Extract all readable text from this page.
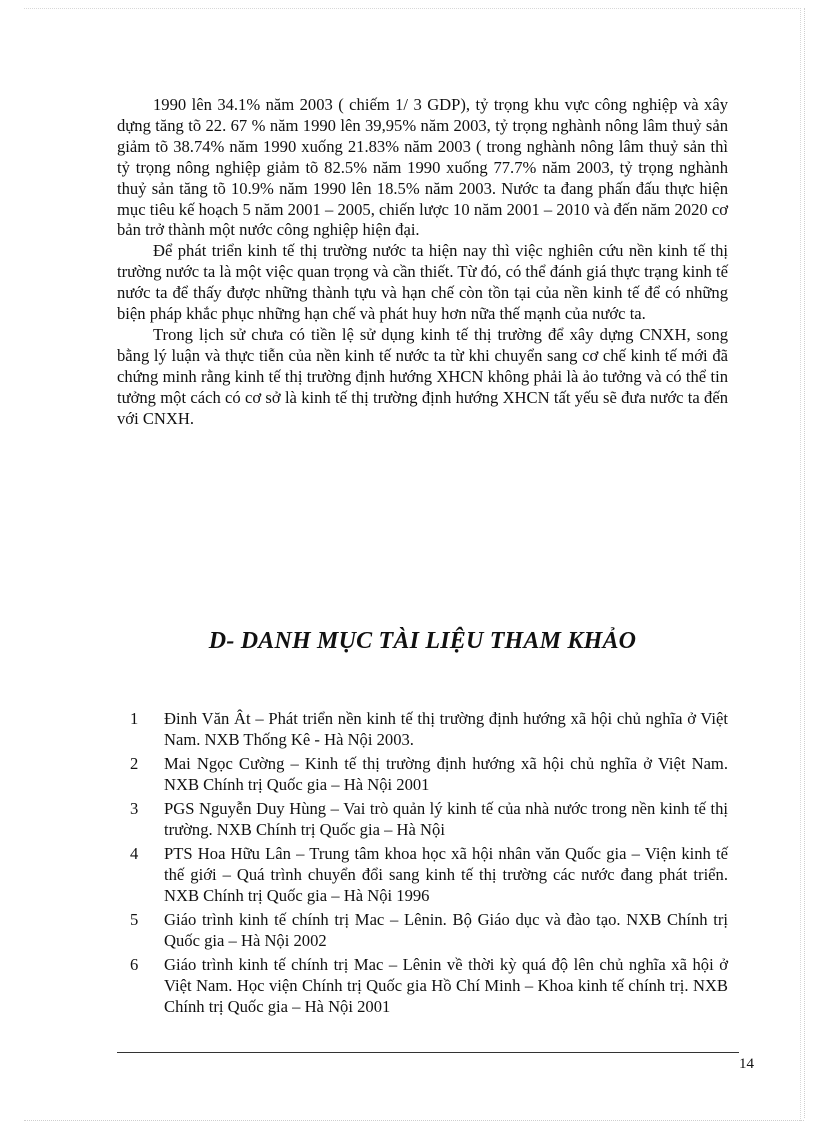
1990 lên 34.1% năm 2003 ( chiếm 1/ 3 GDP), tỷ trọng khu vực công nghiệp và xây dựng tăng tõ 22. 67 % năm 1990 lên 39,95% năm 2003, tỷ trọng nghành nông lâm thuỷ sản giảm tõ 38.74% năm 1990 xuống 21.83% năm 2003 ( trong nghành nông lâm thuỷ sản thì tỷ trọng nông nghiệp giảm tõ 82.5% năm 1990 xuống 77.7% năm 2003, tỷ trọng nghành thuỷ sản tăng tõ 10.9% năm 1990 lên 18.5% năm 2003. Nước ta đang phấn đấu thực hiện mục tiêu kế hoạch 5 năm 2001 – 2005, chiến lược 10 năm 2001 – 2010 và đến năm 2020 cơ bản trở thành một nước công nghiệp hiện đại.

Để phát triển kinh tế thị trường nước ta hiện nay thì việc nghiên cứu nền kinh tế thị trường nước ta là một việc quan trọng và cần thiết. Từ đó, có thể đánh giá thực trạng kinh tế nước ta để thấy được những thành tựu và hạn chế còn tồn tại của nền kinh tế để có những biện pháp khắc phục những hạn chế và phát huy hơn nữa thế mạnh của nước ta.

Trong lịch sử chưa có tiền lệ sử dụng kinh tế thị trường để xây dựng CNXH, song bằng lý luận và thực tiễn của nền kinh tế nước ta từ khi chuyển sang cơ chế kinh tế mới đã chứng minh rằng kinh tế thị trường định hướng XHCN không phải là ảo tưởng và có thể tin tưởng một cách có cơ sở là kinh tế thị trường định hướng XHCN tất yếu sẽ đưa nước ta đến với CNXH.

D- DANH MỤC TÀI LIỆU THAM KHẢO
1	Đinh Văn Ât – Phát triển nền kinh tế thị trường định hướng xã hội chủ nghĩa ở Việt Nam. NXB Thống Kê - Hà Nội 2003.
2	Mai Ngọc Cường – Kinh tế thị trường định hướng xã hội chủ nghĩa ở Việt Nam. NXB Chính trị Quốc gia – Hà Nội 2001
3	PGS Nguyễn Duy Hùng – Vai trò quản lý kinh tế của nhà nước trong nền kinh tế thị trường. NXB Chính trị Quốc gia – Hà Nội
4	PTS Hoa Hữu Lân – Trung tâm khoa học xã hội nhân văn Quốc gia – Viện kinh tế thế giới – Quá trình chuyển đổi sang kinh tế thị trường các nước đang phát triển. NXB Chính trị Quốc gia – Hà Nội 1996
5	Giáo trình kinh tế chính trị Mac – Lênin. Bộ Giáo dục và đào tạo. NXB Chính trị Quốc gia – Hà Nội 2002
6	Giáo trình kinh tế chính trị Mac – Lênin về thời kỳ quá độ lên chủ nghĩa xã hội ở Việt Nam. Học viện Chính trị Quốc gia Hồ Chí Minh – Khoa kinh tế chính trị. NXB Chính trị Quốc gia – Hà Nội 2001
14
